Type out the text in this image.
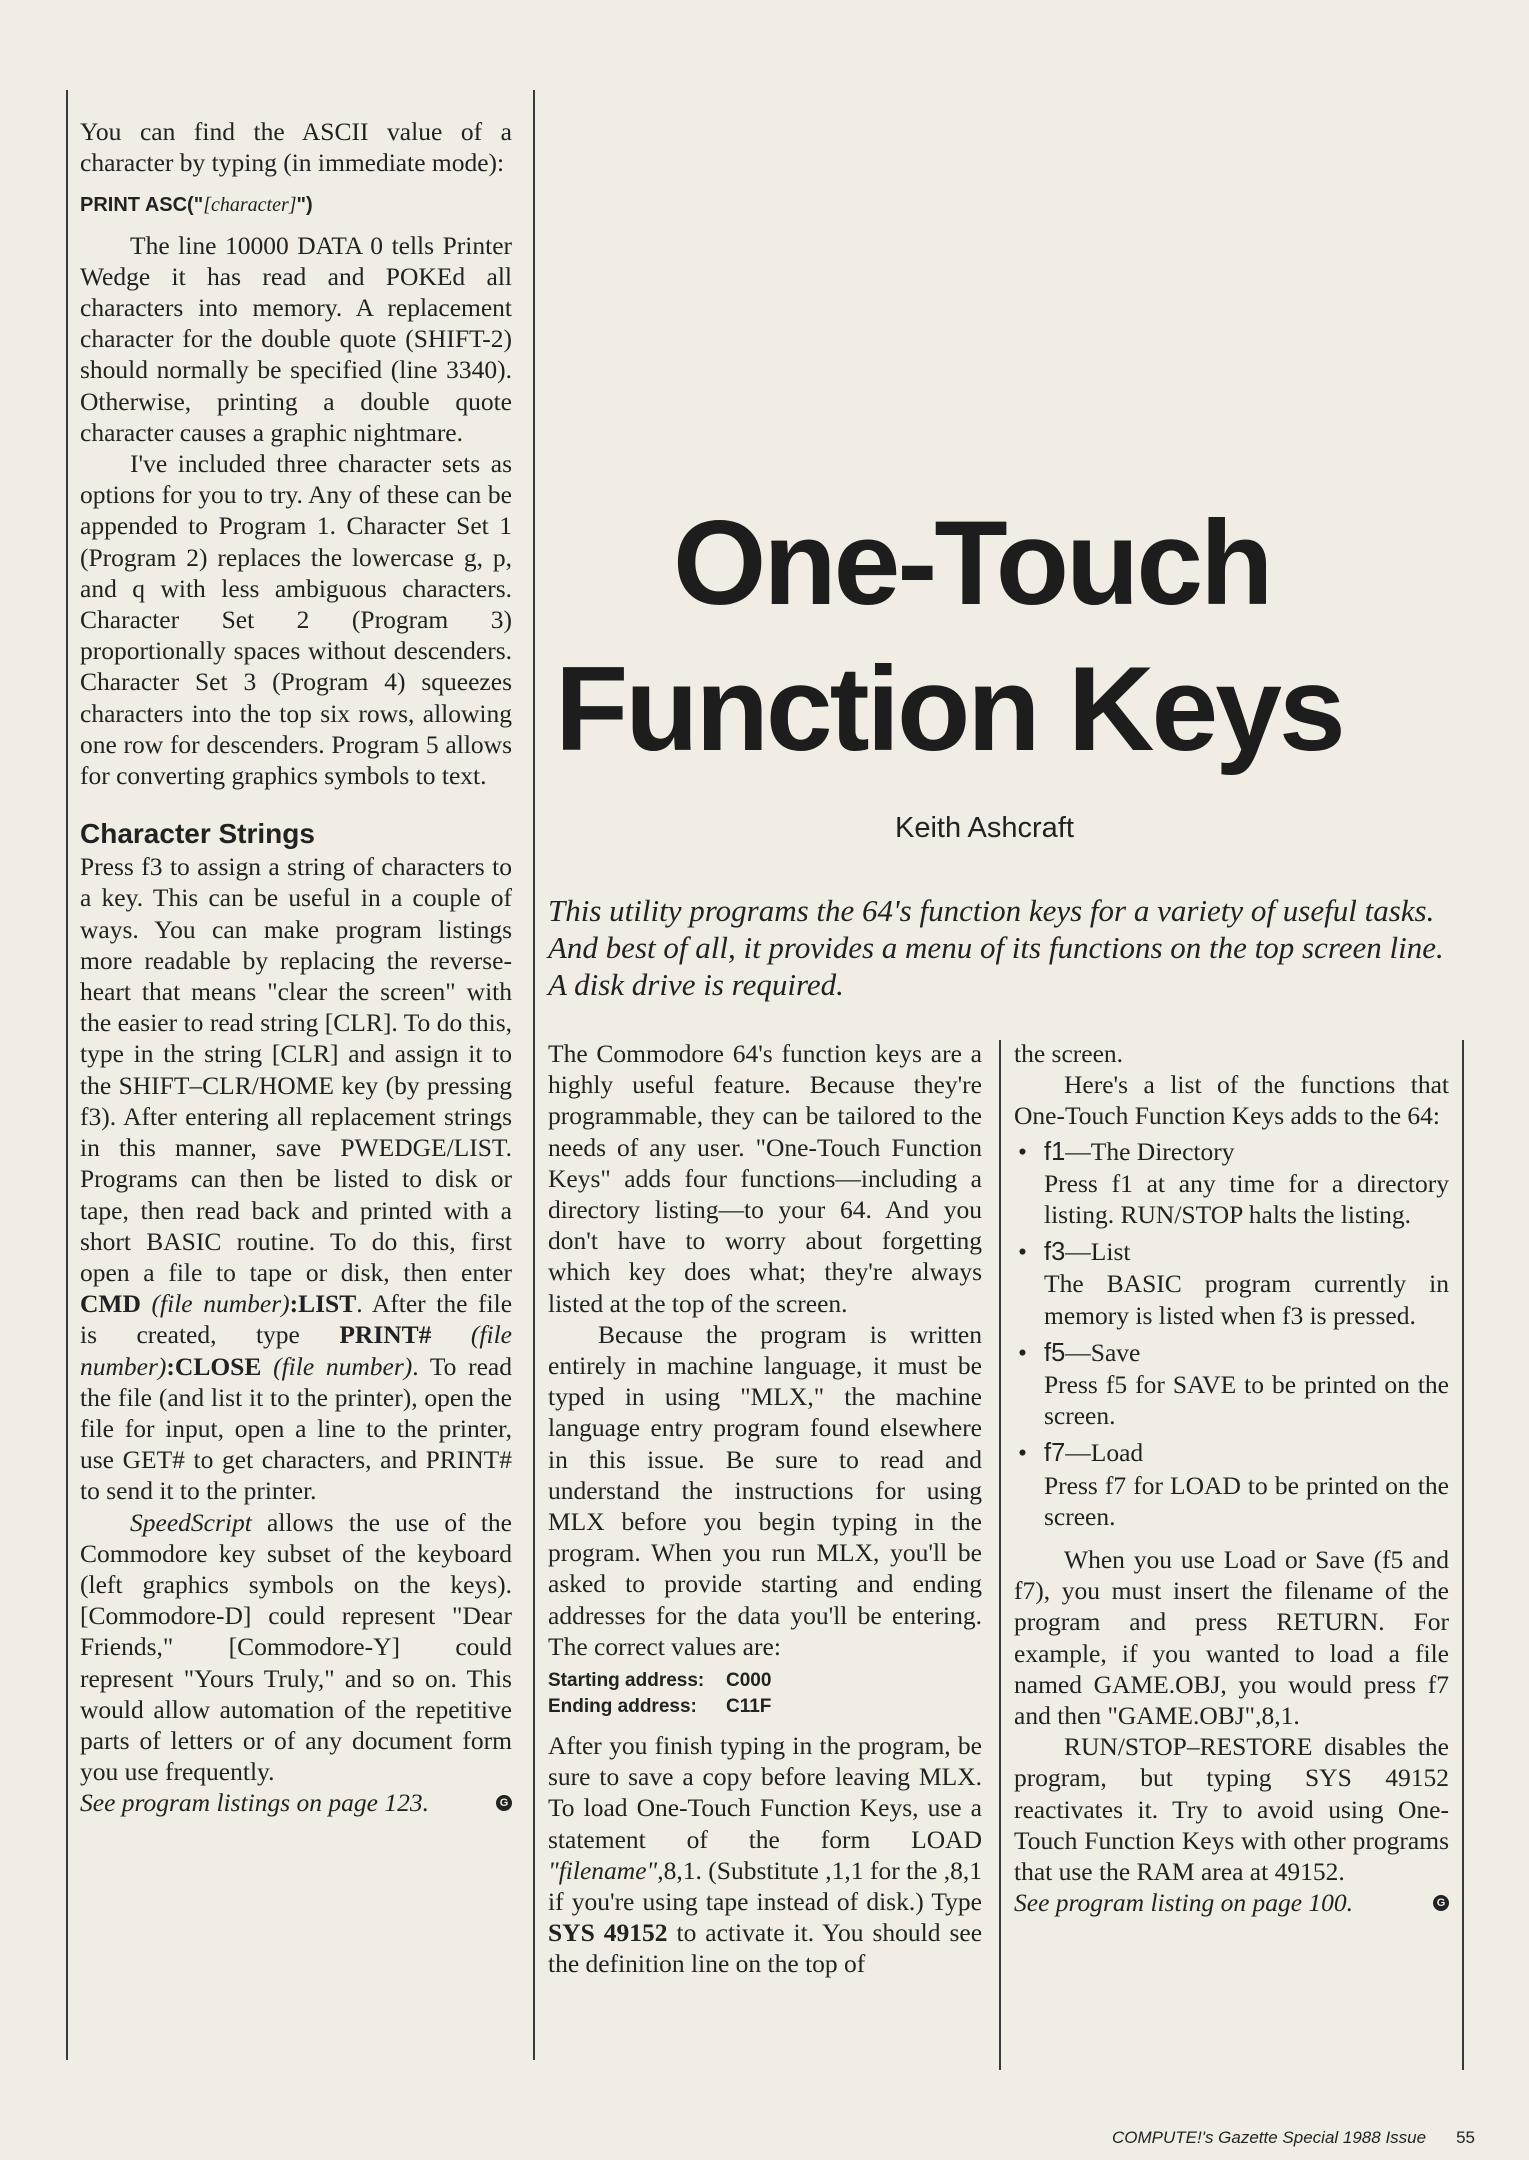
You can find the ASCII value of a character by typing (in immediate mode):

PRINT ASC("[character]")

The line 10000 DATA 0 tells Printer Wedge it has read and POKEd all characters into memory. A replacement character for the double quote (SHIFT-2) should normally be specified (line 3340). Otherwise, printing a double quote character causes a graphic nightmare.

I've included three character sets as options for you to try. Any of these can be appended to Program 1. Character Set 1 (Program 2) replaces the lowercase g, p, and q with less ambiguous characters. Character Set 2 (Program 3) proportionally spaces without descenders. Character Set 3 (Program 4) squeezes characters into the top six rows, allowing one row for descenders. Program 5 allows for converting graphics symbols to text.

Character Strings

Press f3 to assign a string of characters to a key. This can be useful in a couple of ways. You can make program listings more readable by replacing the reverse-heart that means "clear the screen" with the easier to read string [CLR]. To do this, type in the string [CLR] and assign it to the SHIFT–CLR/HOME key (by pressing f3). After entering all replacement strings in this manner, save PWEDGE/LIST. Programs can then be listed to disk or tape, then read back and printed with a short BASIC routine. To do this, first open a file to tape or disk, then enter CMD (file number):LIST. After the file is created, type PRINT# (file number):CLOSE (file number). To read the file (and list it to the printer), open the file for input, open a line to the printer, use GET# to get characters, and PRINT# to send it to the printer.

SpeedScript allows the use of the Commodore key subset of the keyboard (left graphics symbols on the keys). [Commodore-D] could represent "Dear Friends," [Commodore-Y] could represent "Yours Truly," and so on. This would allow automation of the repetitive parts of letters or of any document form you use frequently.

See program listings on page 123.	G
One-Touch
Function Keys
Keith Ashcraft
This utility programs the 64's function keys for a variety of useful tasks. And best of all, it provides a menu of its functions on the top screen line. A disk drive is required.

The Commodore 64's function keys are a highly useful feature. Because they're programmable, they can be tailored to the needs of any user. "One-Touch Function Keys" adds four functions—including a directory listing—to your 64. And you don't have to worry about forgetting which key does what; they're always listed at the top of the screen.

Because the program is written entirely in machine language, it must be typed in using "MLX," the machine language entry program found elsewhere in this issue. Be sure to read and understand the instructions for using MLX before you begin typing in the program. When you run MLX, you'll be asked to provide starting and ending addresses for the data you'll be entering. The correct values are:

Starting address: C000
Ending address: C11F

After you finish typing in the program, be sure to save a copy before leaving MLX. To load One-Touch Function Keys, use a statement of the form LOAD "filename",8,1. (Substitute ,1,1 for the ,8,1 if you're using tape instead of disk.) Type SYS 49152 to activate it. You should see the definition line on the top of

the screen.

Here's a list of the functions that One-Touch Function Keys adds to the 64:

• f1—The Directory
Press f1 at any time for a directory listing. RUN/STOP halts the listing.
• f3—List
The BASIC program currently in memory is listed when f3 is pressed.
• f5—Save
Press f5 for SAVE to be printed on the screen.
• f7—Load
Press f7 for LOAD to be printed on the screen.

When you use Load or Save (f5 and f7), you must insert the filename of the program and press RETURN. For example, if you wanted to load a file named GAME.OBJ, you would press f7 and then "GAME.OBJ",8,1.

RUN/STOP–RESTORE disables the program, but typing SYS 49152 reactivates it. Try to avoid using One-Touch Function Keys with other programs that use the RAM area at 49152.

See program listing on page 100.	G
COMPUTE!'s Gazette Special 1988 Issue 55
